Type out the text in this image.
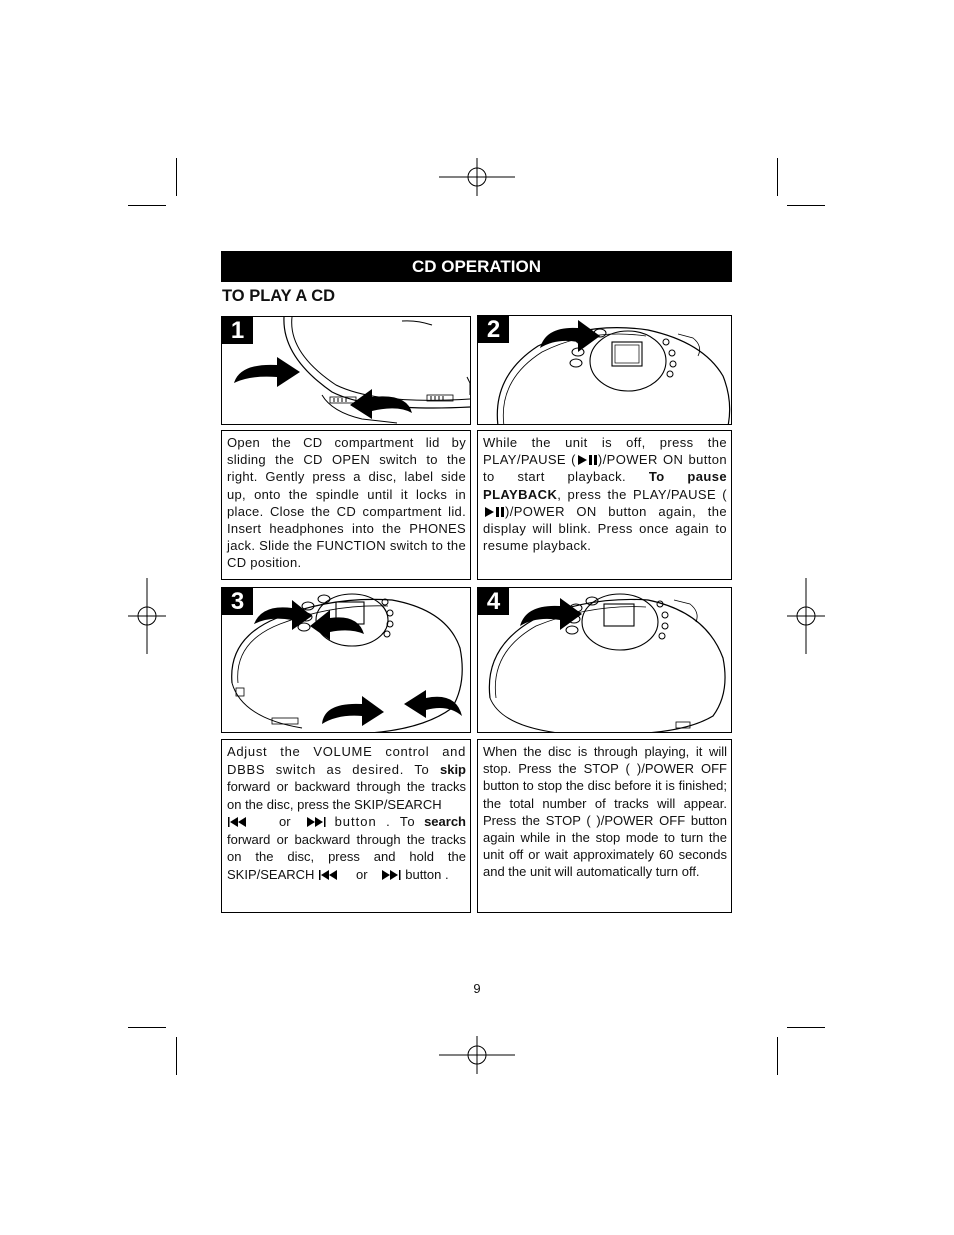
CD OPERATION
TO PLAY A CD
1	2

Open the CD compartment lid by sliding the CD OPEN switch to the right. Gently press a disc, label side up, onto the spindle until it locks in place. Close the CD compartment lid. Insert headphones into the PHONES jack. Slide the FUNCTION switch to the CD position.

While the unit is off, press the PLAY/PAUSE ( )/POWER ON button to start playback. To pause PLAYBACK, press the PLAY/PAUSE ()/POWER ON button again, the display will blink. Press once again to resume playback.

3	4

Adjust the VOLUME control and DBBS switch as desired. To skip forward or backward through the tracks on the disc, press the SKIP/SEARCH
or	button . To search forward or backward through the tracks on the disc, press and hold the SKIP/SEARCH	or	button .

When the disc is through playing, it will stop. Press the STOP ( )/POWER OFF button to stop the disc before it is finished; the total number of tracks will appear. Press the STOP ( )/POWER OFF button again while in the stop mode to turn the unit off or wait approximately 60 seconds and the unit will automatically turn off.

9
